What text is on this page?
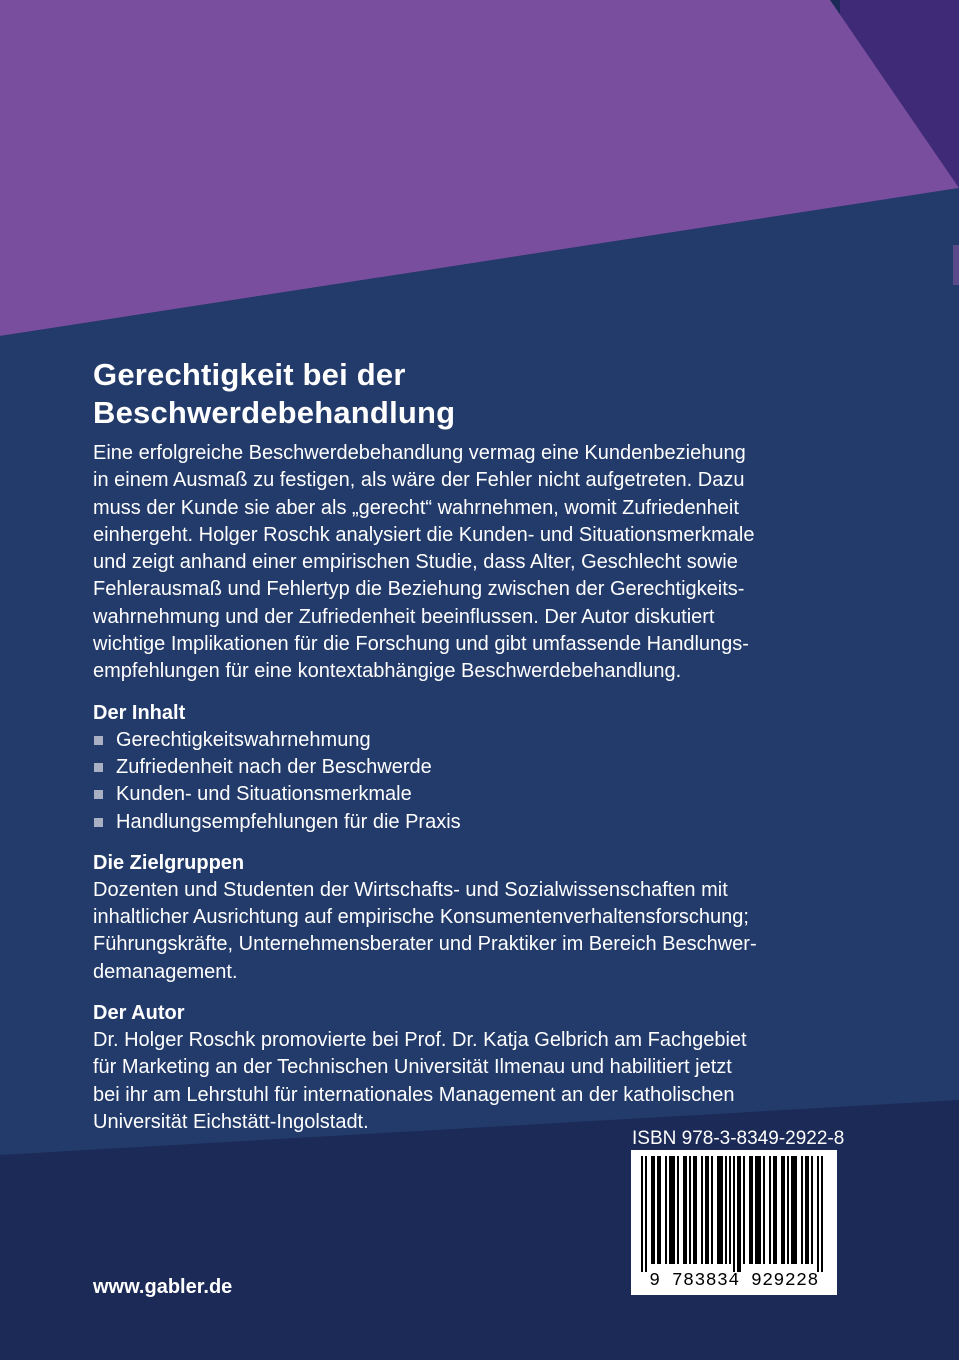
Gerechtigkeit bei der
Beschwerdebehandlung
Eine erfolgreiche Beschwerdebehandlung vermag eine Kundenbeziehung
in einem Ausmaß zu festigen, als wäre der Fehler nicht aufgetreten. Dazu
muss der Kunde sie aber als „gerecht“ wahrnehmen, womit Zufriedenheit
einhergeht. Holger Roschk analysiert die Kunden- und Situationsmerkmale
und zeigt anhand einer empirischen Studie, dass Alter, Geschlecht sowie
Fehlerausmaß und Fehlertyp die Beziehung zwischen der Gerechtigkeits-
wahrnehmung und der Zufriedenheit beeinflussen. Der Autor diskutiert
wichtige Implikationen für die Forschung und gibt umfassende Handlungs-
empfehlungen für eine kontextabhängige Beschwerdebehandlung.
Der Inhalt
Gerechtigkeitswahrnehmung
Zufriedenheit nach der Beschwerde
Kunden- und Situationsmerkmale
Handlungsempfehlungen für die Praxis
Die Zielgruppen
Dozenten und Studenten der Wirtschafts- und Sozialwissenschaften mit
inhaltlicher Ausrichtung auf empirische Konsumentenverhaltensforschung;
Führungskräfte, Unternehmensberater und Praktiker im Bereich Beschwer-
demanagement.
Der Autor
Dr. Holger Roschk promovierte bei Prof. Dr. Katja Gelbrich am Fachgebiet
für Marketing an der Technischen Universität Ilmenau und habilitiert jetzt
bei ihr am Lehrstuhl für internationales Management an der katholischen
Universität Eichstätt-Ingolstadt.
ISBN 978-3-8349-2922-8
9 783834 929228
www.gabler.de
